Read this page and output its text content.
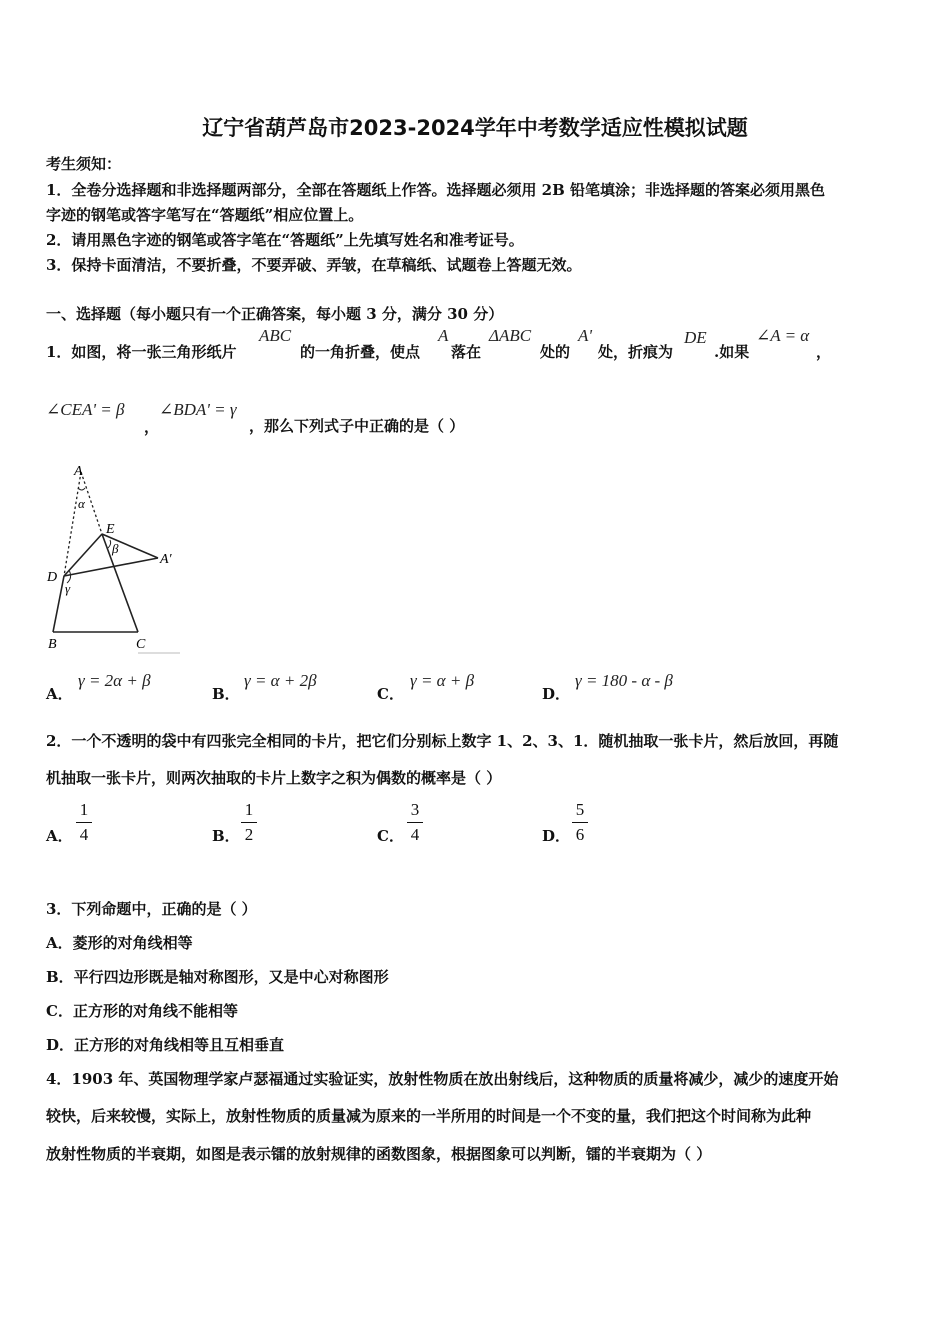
辽宁省葫芦岛市2023-2024学年中考数学适应性模拟试题
考生须知：
1．全卷分选择题和非选择题两部分，全部在答题纸上作答。选择题必须用 2B 铅笔填涂；非选择题的答案必须用黑色
字迹的钢笔或答字笔写在“答题纸”相应位置上。
2．请用黑色字迹的钢笔或答字笔在“答题纸”上先填写姓名和准考证号。
3．保持卡面清洁，不要折叠，不要弄破、弄皱，在草稿纸、试题卷上答题无效。
一、选择题（每小题只有一个正确答案，每小题 3 分，满分 30 分）
1．如图，将一张三角形纸片
ABC
的一角折叠，使点
A
落在
ΔABC
处的
A'
处，折痕为
DE
.如果
∠A = α
，
∠CEA' = β
，
∠BDA' = γ
，那么下列式子中正确的是（ ）
A
α
E
β
A′
D
γ
B	C
A．
γ = 2α + β
B．
γ = α + 2β
C．
γ = α + β
D．
γ = 180 - α - β
2．一个不透明的袋中有四张完全相同的卡片，把它们分别标上数字 1、2、3、1．随机抽取一张卡片，然后放回，再随
机抽取一张卡片，则两次抽取的卡片上数字之积为偶数的概率是（ ）
A．
1
4	B．
1
2	C．
3
4	D．
5
6
3．下列命题中，正确的是（ ）
A．菱形的对角线相等
B．平行四边形既是轴对称图形，又是中心对称图形
C．正方形的对角线不能相等
D．正方形的对角线相等且互相垂直
4．1903 年、英国物理学家卢瑟福通过实验证实，放射性物质在放出射线后，这种物质的质量将减少，减少的速度开始
较快，后来较慢，实际上，放射性物质的质量减为原来的一半所用的时间是一个不变的量，我们把这个时间称为此种
放射性物质的半衰期，如图是表示镭的放射规律的函数图象，根据图象可以判断，镭的半衰期为（ ）
